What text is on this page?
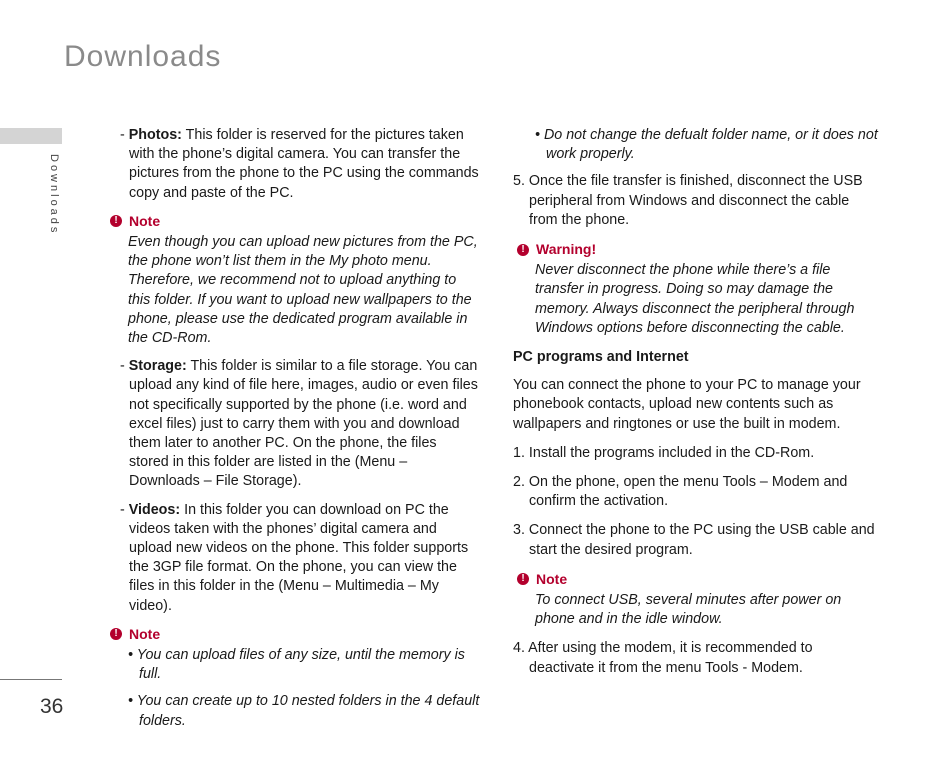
Downloads
Downloads
36
- Photos: This folder is reserved for the pictures taken with the phone’s digital camera. You can transfer the pictures from the phone to the PC using the commands copy and paste of the PC.
! Note
Even though you can upload new pictures from the PC, the phone won’t list them in the My photo menu. Therefore, we recommend not to upload anything to this folder. If you want to upload new wallpapers to the phone, please use the dedicated program available in the CD-Rom.
- Storage: This folder is similar to a file storage. You can upload any kind of file here, images, audio or even files not specifically supported by the phone (i.e. word and excel files) just to carry them with you and download them later to another PC. On the phone, the files stored in this folder are listed in the (Menu – Downloads – File Storage).
- Videos: In this folder you can download on PC the videos taken with the phones’ digital camera and upload new videos on the phone. This folder supports the 3GP file format. On the phone, you can view the files in this folder in the (Menu – Multimedia – My video).
! Note
• You can upload files of any size, until the memory is full.
• You can create up to 10 nested folders in the 4 default folders.
• Do not change the defualt folder name, or it does not work properly.
5. Once the file transfer is finished, disconnect the USB peripheral from Windows and disconnect the cable from the phone.
! Warning!
Never disconnect the phone while there’s a file transfer in progress. Doing so may damage the memory. Always disconnect the peripheral through Windows options before disconnecting the cable.
PC programs and Internet
You can connect the phone to your PC to manage your phonebook contacts, upload new contents such as wallpapers and ringtones or use the built in modem.
1. Install the programs included in the CD-Rom.
2. On the phone, open the menu Tools – Modem and confirm the activation.
3. Connect the phone to the PC using the USB cable and start the desired program.
! Note
To connect USB, several minutes after power on phone and in the idle window.
4. After using the modem, it is recommended to deactivate it from the menu Tools - Modem.
